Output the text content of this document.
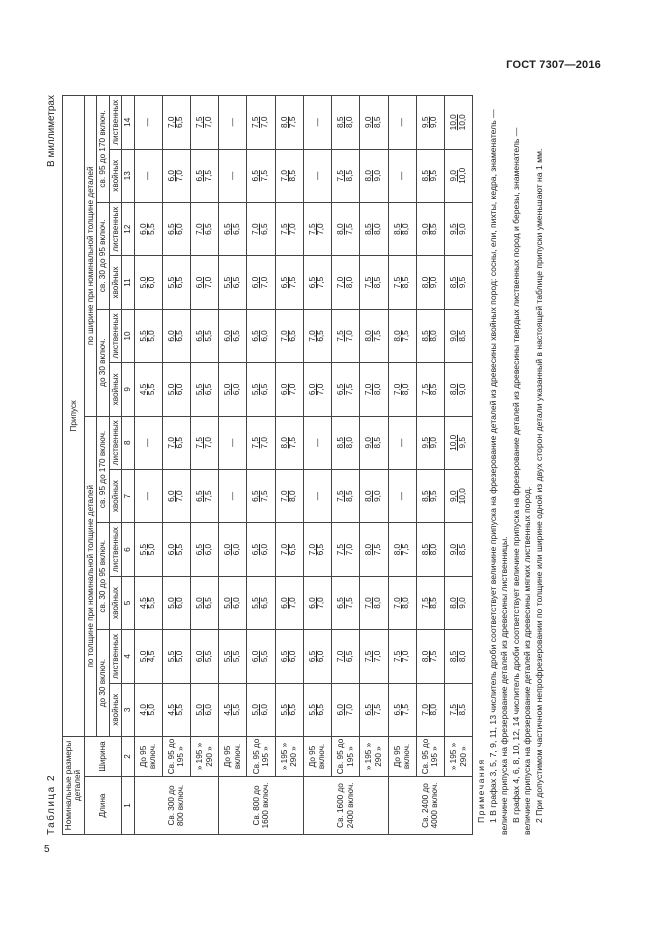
ГОСТ 7307—2016
5
Таблица 2
В миллиметрах
Номинальные размеры деталей		Припуск											
Длина	Ширина	по толщине при номинальной толщине деталей						по ширине при номинальной толщине деталей					
		до 30 включ.		св. 30 до 95 включ.		св. 95 до 170 включ.		до 30 включ.		св. 30 до 95 включ.		св. 95 до 170 включ.	
		хвойных	лиственных	хвойных	лиственных	хвойных	лиственных	хвойных	лиственных	хвойных	лиственных	хвойных	лиственных
1	2	3	4	5	6	7	8	9	10	11	12	13	14
Св. 300 до 800 включ.	До 95 включ.	4,0 5,0	5,0 4,5	4,5 5,5	5,5 5,0	—	—	4,5 5,5	5,5 5,0	5,0 6,0	6,0 5,5	—	—
	Св. 95 до 195 »	4,5 5,5	5,5 5,0	5,0 6,0	6,0 5,5	6,0 7,0	7,0 6,5	5,0 6,0	6,0 6,5	5,5 6,5	6,5 6,0	6,0 7,0	7,0 6,5

	» 195 » 290 »	5,0 6,0	6,0 5,5	5,0 6,5	6,5 6,0	6,5 7,5	7,5 7,0	5,5 6,5	6,5 5,5	6,0 7,0	7,0 6,5	6,5 7,5	7,5 7,0

Св. 800 до 1600 включ.	До 95 включ.	4,5 5,5	5,5 5,5	5,0 6,0	6,0 6,0	—	—	5,0 6,0	6,0 6,5	5,5 6,5	6,5 6,5	—	—
	Св. 95 до 195 »	5,0 6,0	6,0 5,5	5,5 6,5	6,5 6,0	6,5 7,5	7,5 7,0	5,5 6,5	6,5 6,0	6,0 7,0	7,0 6,5	6,5 7,5	7,5 7,0

	» 195 » 290 »	5,5 6,5	6,5 6,0	6,0 7,0	7,0 6,5	7,0 8,0	8,0 7,5	6,0 7,0	7,0 6,5	6,5 7,5	7,5 7,0	7,0 8,5	8,0 7,5

Св. 1600 до 2400 включ.	До 95 включ.	5,5 6,5	6,5 6,0	6,0 7,0	7,0 6,5	—	—	6,0 7,0	7,0 6,5	6,5 7,5	7,5 7,0	—	—
	Св. 95 до 195 »	6,0 7,0	7,0 6,5	6,5 7,5	7,5 7,0	7,5 8,5	8,5 8,0	6,5 7,5	7,5 7,0	7,0 8,0	8,0 7,5	7,5 8,5	8,5 8,0

	» 195 » 290 »	6,5 7,5	7,5 7,0	7,0 8,0	8,0 7,5	8,0 9,0	9,0 8,5	7,0 8,0	8,0 7,5	7,5 8,5	8,5 8,0	8,0 9,0	9,0 8,5

Св. 2400 до 4000 включ.	До 95 включ.	6,5 7,5	7,5 7,0	7,0 8,0	8,0 7,5	—	—	7,0 8,0	8,0 7,5	7,5 8,5	8,5 8,0	—	—
	Св. 95 до 195 »	7,0 8,0	8,0 7,5	7,5 8,5	8,5 8,0	8,5 9,5	9,5 9,0	7,5 8,5	8,5 8,0	8,0 9,0	9,0 8,5	8,5 9,5	9,5 9,0

	» 195 » 290 »	7,5 8,5	8,5 8,0	8,0 9,0	9,0 8,5	9,0 10,0	10,0 9,5	8,0 9,0	9,0 8,5	8,5 9,5	9,5 9,0	9,0 10,0	10,0 10,0

Примечания 1 В графах 3, 5, 7, 9, 11, 13 числитель дроби соответствует величине припуска на фрезерование деталей из древесины хвойных пород: сосны, ели, пихты, кедра, знаменатель — величине припуска на фрезерование деталей из древесины лиственницы. В графах 4, 6, 8, 10, 12, 14 числитель дроби соответствует величине припуска на фрезерование деталей из древесины твердых лиственных пород и березы, знаменатель — величине припуска на фрезерование деталей из древесины мягких лиственных пород. 2 При допустимом частичном непрофрезеровании по толщине или ширине одной из двух сторон детали указанный в настоящей таблице припуски уменьшают на 1 мм.
